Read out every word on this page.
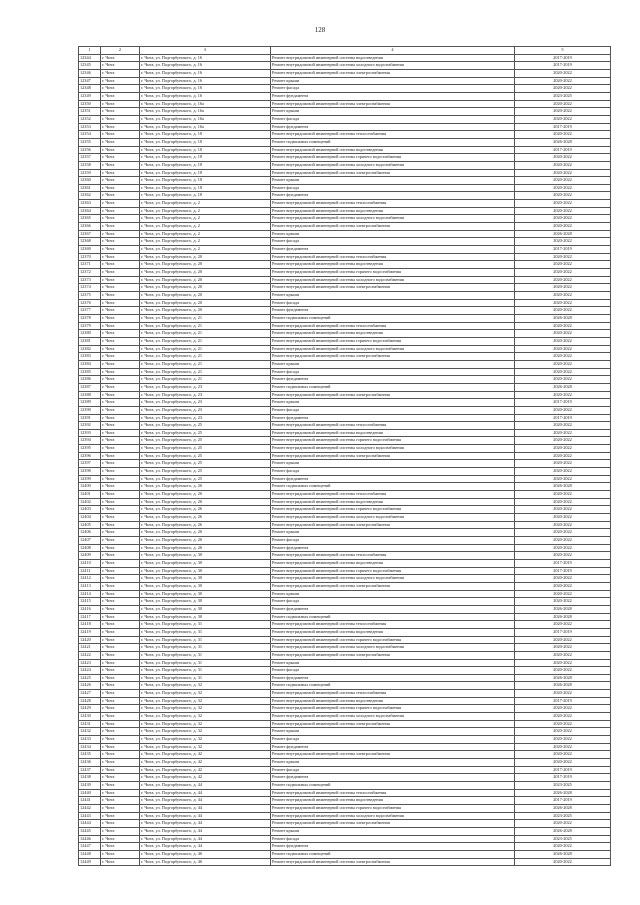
128
1	2	3	4	5
12344	г. Чита	г. Чита, ул. Подгорбунского, д. 16	Ремонт внутридомовой инженерной системы водоотведения	2017-2019
12345	г. Чита	г. Чита, ул. Подгорбунского, д. 16	Ремонт внутридомовой инженерной системы холодного водоснабжения	2017-2019
12346	г. Чита	г. Чита, ул. Подгорбунского, д. 16	Ремонт внутридомовой инженерной системы электроснабжения	2020-2022
12347	г. Чита	г. Чита, ул. Подгорбунского, д. 16	Ремонт крыши	2020-2022
12348	г. Чита	г. Чита, ул. Подгорбунского, д. 16	Ремонт фасада	2020-2022
12349	г. Чита	г. Чита, ул. Подгорбунского, д. 16	Ремонт фундамента	2023-2025
12350	г. Чита	г. Чита, ул. Подгорбунского, д. 16а	Ремонт внутридомовой инженерной системы электроснабжения	2020-2022
12351	г. Чита	г. Чита, ул. Подгорбунского, д. 16а	Ремонт крыши	2020-2022
12352	г. Чита	г. Чита, ул. Подгорбунского, д. 16а	Ремонт фасада	2020-2022
12353	г. Чита	г. Чита, ул. Подгорбунского, д. 16а	Ремонт фундамента	2017-2019
12354	г. Чита	г. Чита, ул. Подгорбунского, д. 18	Ремонт внутридомовой инженерной системы теплоснабжения	2020-2022
12355	г. Чита	г. Чита, ул. Подгорбунского, д. 18	Ремонт подвальных помещений	2026-2028
12356	г. Чита	г. Чита, ул. Подгорбунского, д. 18	Ремонт внутридомовой инженерной системы водоотведения	2017-2019
12357	г. Чита	г. Чита, ул. Подгорбунского, д. 18	Ремонт внутридомовой инженерной системы горячего водоснабжения	2020-2022
12358	г. Чита	г. Чита, ул. Подгорбунского, д. 18	Ремонт внутридомовой инженерной системы холодного водоснабжения	2020-2022
12359	г. Чита	г. Чита, ул. Подгорбунского, д. 18	Ремонт внутридомовой инженерной системы электроснабжения	2020-2022
12360	г. Чита	г. Чита, ул. Подгорбунского, д. 18	Ремонт крыши	2020-2022
12361	г. Чита	г. Чита, ул. Подгорбунского, д. 18	Ремонт фасада	2020-2022
12362	г. Чита	г. Чита, ул. Подгорбунского, д. 18	Ремонт фундамента	2020-2022
12363	г. Чита	г. Чита, ул. Подгорбунского, д. 2	Ремонт внутридомовой инженерной системы теплоснабжения	2020-2022
12364	г. Чита	г. Чита, ул. Подгорбунского, д. 2	Ремонт внутридомовой инженерной системы водоотведения	2020-2022
12365	г. Чита	г. Чита, ул. Подгорбунского, д. 2	Ремонт внутридомовой инженерной системы холодного водоснабжения	2020-2022
12366	г. Чита	г. Чита, ул. Подгорбунского, д. 2	Ремонт внутридомовой инженерной системы электроснабжения	2020-2022
12367	г. Чита	г. Чита, ул. Подгорбунского, д. 2	Ремонт крыши	2026-2028
12368	г. Чита	г. Чита, ул. Подгорбунского, д. 2	Ремонт фасада	2020-2022
12369	г. Чита	г. Чита, ул. Подгорбунского, д. 2	Ремонт фундамента	2017-2019
12370	г. Чита	г. Чита, ул. Подгорбунского, д. 20	Ремонт внутридомовой инженерной системы теплоснабжения	2020-2022
12371	г. Чита	г. Чита, ул. Подгорбунского, д. 20	Ремонт внутридомовой инженерной системы водоотведения	2020-2022
12372	г. Чита	г. Чита, ул. Подгорбунского, д. 20	Ремонт внутридомовой инженерной системы горячего водоснабжения	2020-2022
12373	г. Чита	г. Чита, ул. Подгорбунского, д. 20	Ремонт внутридомовой инженерной системы холодного водоснабжения	2020-2022
12374	г. Чита	г. Чита, ул. Подгорбунского, д. 20	Ремонт внутридомовой инженерной системы электроснабжения	2020-2022
12375	г. Чита	г. Чита, ул. Подгорбунского, д. 20	Ремонт крыши	2020-2022
12376	г. Чита	г. Чита, ул. Подгорбунского, д. 20	Ремонт фасада	2020-2022
12377	г. Чита	г. Чита, ул. Подгорбунского, д. 20	Ремонт фундамента	2020-2022
12378	г. Чита	г. Чита, ул. Подгорбунского, д. 21	Ремонт подвальных помещений	2026-2028
12379	г. Чита	г. Чита, ул. Подгорбунского, д. 21	Ремонт внутридомовой инженерной системы теплоснабжения	2020-2022
12380	г. Чита	г. Чита, ул. Подгорбунского, д. 21	Ремонт внутридомовой инженерной системы водоотведения	2020-2022
12381	г. Чита	г. Чита, ул. Подгорбунского, д. 21	Ремонт внутридомовой инженерной системы горячего водоснабжения	2020-2022
12382	г. Чита	г. Чита, ул. Подгорбунского, д. 21	Ремонт внутридомовой инженерной системы холодного водоснабжения	2020-2022
12383	г. Чита	г. Чита, ул. Подгорбунского, д. 21	Ремонт внутридомовой инженерной системы электроснабжения	2020-2022
12384	г. Чита	г. Чита, ул. Подгорбунского, д. 21	Ремонт крыши	2020-2022
12385	г. Чита	г. Чита, ул. Подгорбунского, д. 21	Ремонт фасада	2020-2022
12386	г. Чита	г. Чита, ул. Подгорбунского, д. 21	Ремонт фундамента	2020-2022
12387	г. Чита	г. Чита, ул. Подгорбунского, д. 23	Ремонт подвальных помещений	2026-2028
12388	г. Чита	г. Чита, ул. Подгорбунского, д. 23	Ремонт внутридомовой инженерной системы электроснабжения	2020-2022
12389	г. Чита	г. Чита, ул. Подгорбунского, д. 23	Ремонт крыши	2017-2019
12390	г. Чита	г. Чита, ул. Подгорбунского, д. 23	Ремонт фасада	2020-2022
12391	г. Чита	г. Чита, ул. Подгорбунского, д. 23	Ремонт фундамента	2017-2019
12392	г. Чита	г. Чита, ул. Подгорбунского, д. 25	Ремонт внутридомовой инженерной системы теплоснабжения	2020-2022
12393	г. Чита	г. Чита, ул. Подгорбунского, д. 25	Ремонт внутридомовой инженерной системы водоотведения	2020-2022
12394	г. Чита	г. Чита, ул. Подгорбунского, д. 25	Ремонт внутридомовой инженерной системы горячего водоснабжения	2020-2022
12395	г. Чита	г. Чита, ул. Подгорбунского, д. 25	Ремонт внутридомовой инженерной системы холодного водоснабжения	2020-2022
12396	г. Чита	г. Чита, ул. Подгорбунского, д. 25	Ремонт внутридомовой инженерной системы электроснабжения	2020-2022
12397	г. Чита	г. Чита, ул. Подгорбунского, д. 25	Ремонт крыши	2020-2022
12398	г. Чита	г. Чита, ул. Подгорбунского, д. 25	Ремонт фасада	2020-2022
12399	г. Чита	г. Чита, ул. Подгорбунского, д. 25	Ремонт фундамента	2020-2022
12400	г. Чита	г. Чита, ул. Подгорбунского, д. 26	Ремонт подвальных помещений	2026-2028
12401	г. Чита	г. Чита, ул. Подгорбунского, д. 26	Ремонт внутридомовой инженерной системы теплоснабжения	2020-2022
12402	г. Чита	г. Чита, ул. Подгорбунского, д. 26	Ремонт внутридомовой инженерной системы водоотведения	2020-2022
12403	г. Чита	г. Чита, ул. Подгорбунского, д. 26	Ремонт внутридомовой инженерной системы горячего водоснабжения	2020-2022
12404	г. Чита	г. Чита, ул. Подгорбунского, д. 26	Ремонт внутридомовой инженерной системы холодного водоснабжения	2020-2022
12405	г. Чита	г. Чита, ул. Подгорбунского, д. 26	Ремонт внутридомовой инженерной системы электроснабжения	2020-2022
12406	г. Чита	г. Чита, ул. Подгорбунского, д. 26	Ремонт крыши	2020-2022
12407	г. Чита	г. Чита, ул. Подгорбунского, д. 26	Ремонт фасада	2020-2022
12408	г. Чита	г. Чита, ул. Подгорбунского, д. 26	Ремонт фундамента	2020-2022
12409	г. Чита	г. Чита, ул. Подгорбунского, д. 30	Ремонт внутридомовой инженерной системы теплоснабжения	2020-2022
12410	г. Чита	г. Чита, ул. Подгорбунского, д. 30	Ремонт внутридомовой инженерной системы водоотведения	2017-2019
12411	г. Чита	г. Чита, ул. Подгорбунского, д. 30	Ремонт внутридомовой инженерной системы горячего водоснабжения	2017-2019
12412	г. Чита	г. Чита, ул. Подгорбунского, д. 30	Ремонт внутридомовой инженерной системы холодного водоснабжения	2020-2022
12413	г. Чита	г. Чита, ул. Подгорбунского, д. 30	Ремонт внутридомовой инженерной системы электроснабжения	2020-2022
12414	г. Чита	г. Чита, ул. Подгорбунского, д. 30	Ремонт крыши	2020-2022
12415	г. Чита	г. Чита, ул. Подгорбунского, д. 30	Ремонт фасада	2020-2022
12416	г. Чита	г. Чита, ул. Подгорбунского, д. 30	Ремонт фундамента	2026-2028
12417	г. Чита	г. Чита, ул. Подгорбунского, д. 30	Ремонт подвальных помещений	2026-2028
12418	г. Чита	г. Чита, ул. Подгорбунского, д. 31	Ремонт внутридомовой инженерной системы теплоснабжения	2020-2022
12419	г. Чита	г. Чита, ул. Подгорбунского, д. 31	Ремонт внутридомовой инженерной системы водоотведения	2017-2019
12420	г. Чита	г. Чита, ул. Подгорбунского, д. 31	Ремонт внутридомовой инженерной системы горячего водоснабжения	2020-2022
12421	г. Чита	г. Чита, ул. Подгорбунского, д. 31	Ремонт внутридомовой инженерной системы холодного водоснабжения	2020-2022
12422	г. Чита	г. Чита, ул. Подгорбунского, д. 31	Ремонт внутридомовой инженерной системы электроснабжения	2020-2022
12423	г. Чита	г. Чита, ул. Подгорбунского, д. 31	Ремонт крыши	2020-2022
12424	г. Чита	г. Чита, ул. Подгорбунского, д. 31	Ремонт фасада	2020-2022
12425	г. Чита	г. Чита, ул. Подгорбунского, д. 31	Ремонт фундамента	2026-2028
12426	г. Чита	г. Чита, ул. Подгорбунского, д. 32	Ремонт подвальных помещений	2026-2028
12427	г. Чита	г. Чита, ул. Подгорбунского, д. 32	Ремонт внутридомовой инженерной системы теплоснабжения	2020-2022
12428	г. Чита	г. Чита, ул. Подгорбунского, д. 32	Ремонт внутридомовой инженерной системы водоотведения	2017-2019
12429	г. Чита	г. Чита, ул. Подгорбунского, д. 32	Ремонт внутридомовой инженерной системы горячего водоснабжения	2020-2022
12430	г. Чита	г. Чита, ул. Подгорбунского, д. 32	Ремонт внутридомовой инженерной системы холодного водоснабжения	2020-2022
12431	г. Чита	г. Чита, ул. Подгорбунского, д. 32	Ремонт внутридомовой инженерной системы электроснабжения	2020-2022
12432	г. Чита	г. Чита, ул. Подгорбунского, д. 32	Ремонт крыши	2020-2022
12433	г. Чита	г. Чита, ул. Подгорбунского, д. 32	Ремонт фасада	2020-2022
12434	г. Чита	г. Чита, ул. Подгорбунского, д. 32	Ремонт фундамента	2020-2022
12435	г. Чита	г. Чита, ул. Подгорбунского, д. 42	Ремонт внутридомовой инженерной системы электроснабжения	2020-2022
12436	г. Чита	г. Чита, ул. Подгорбунского, д. 42	Ремонт крыши	2020-2022
12437	г. Чита	г. Чита, ул. Подгорбунского, д. 42	Ремонт фасада	2017-2019
12438	г. Чита	г. Чита, ул. Подгорбунского, д. 42	Ремонт фундамента	2017-2019
12439	г. Чита	г. Чита, ул. Подгорбунского, д. 44	Ремонт подвальных помещений	2023-2025
12440	г. Чита	г. Чита, ул. Подгорбунского, д. 44	Ремонт внутридомовой инженерной системы теплоснабжения	2026-2028
12441	г. Чита	г. Чита, ул. Подгорбунского, д. 44	Ремонт внутридомовой инженерной системы водоотведения	2017-2019
12442	г. Чита	г. Чита, ул. Подгорбунского, д. 44	Ремонт внутридомовой инженерной системы горячего водоснабжения	2026-2028
12443	г. Чита	г. Чита, ул. Подгорбунского, д. 44	Ремонт внутридомовой инженерной системы холодного водоснабжения	2023-2025
12444	г. Чита	г. Чита, ул. Подгорбунского, д. 44	Ремонт внутридомовой инженерной системы электроснабжения	2020-2022
12445	г. Чита	г. Чита, ул. Подгорбунского, д. 44	Ремонт крыши	2026-2028
12446	г. Чита	г. Чита, ул. Подгорбунского, д. 44	Ремонт фасада	2023-2025
12447	г. Чита	г. Чита, ул. Подгорбунского, д. 44	Ремонт фундамента	2020-2022
12448	г. Чита	г. Чита, ул. Подгорбунского, д. 46	Ремонт подвальных помещений	2026-2028
12449	г. Чита	г. Чита, ул. Подгорбунского, д. 46	Ремонт внутридомовой инженерной системы электроснабжения	2020-2022
